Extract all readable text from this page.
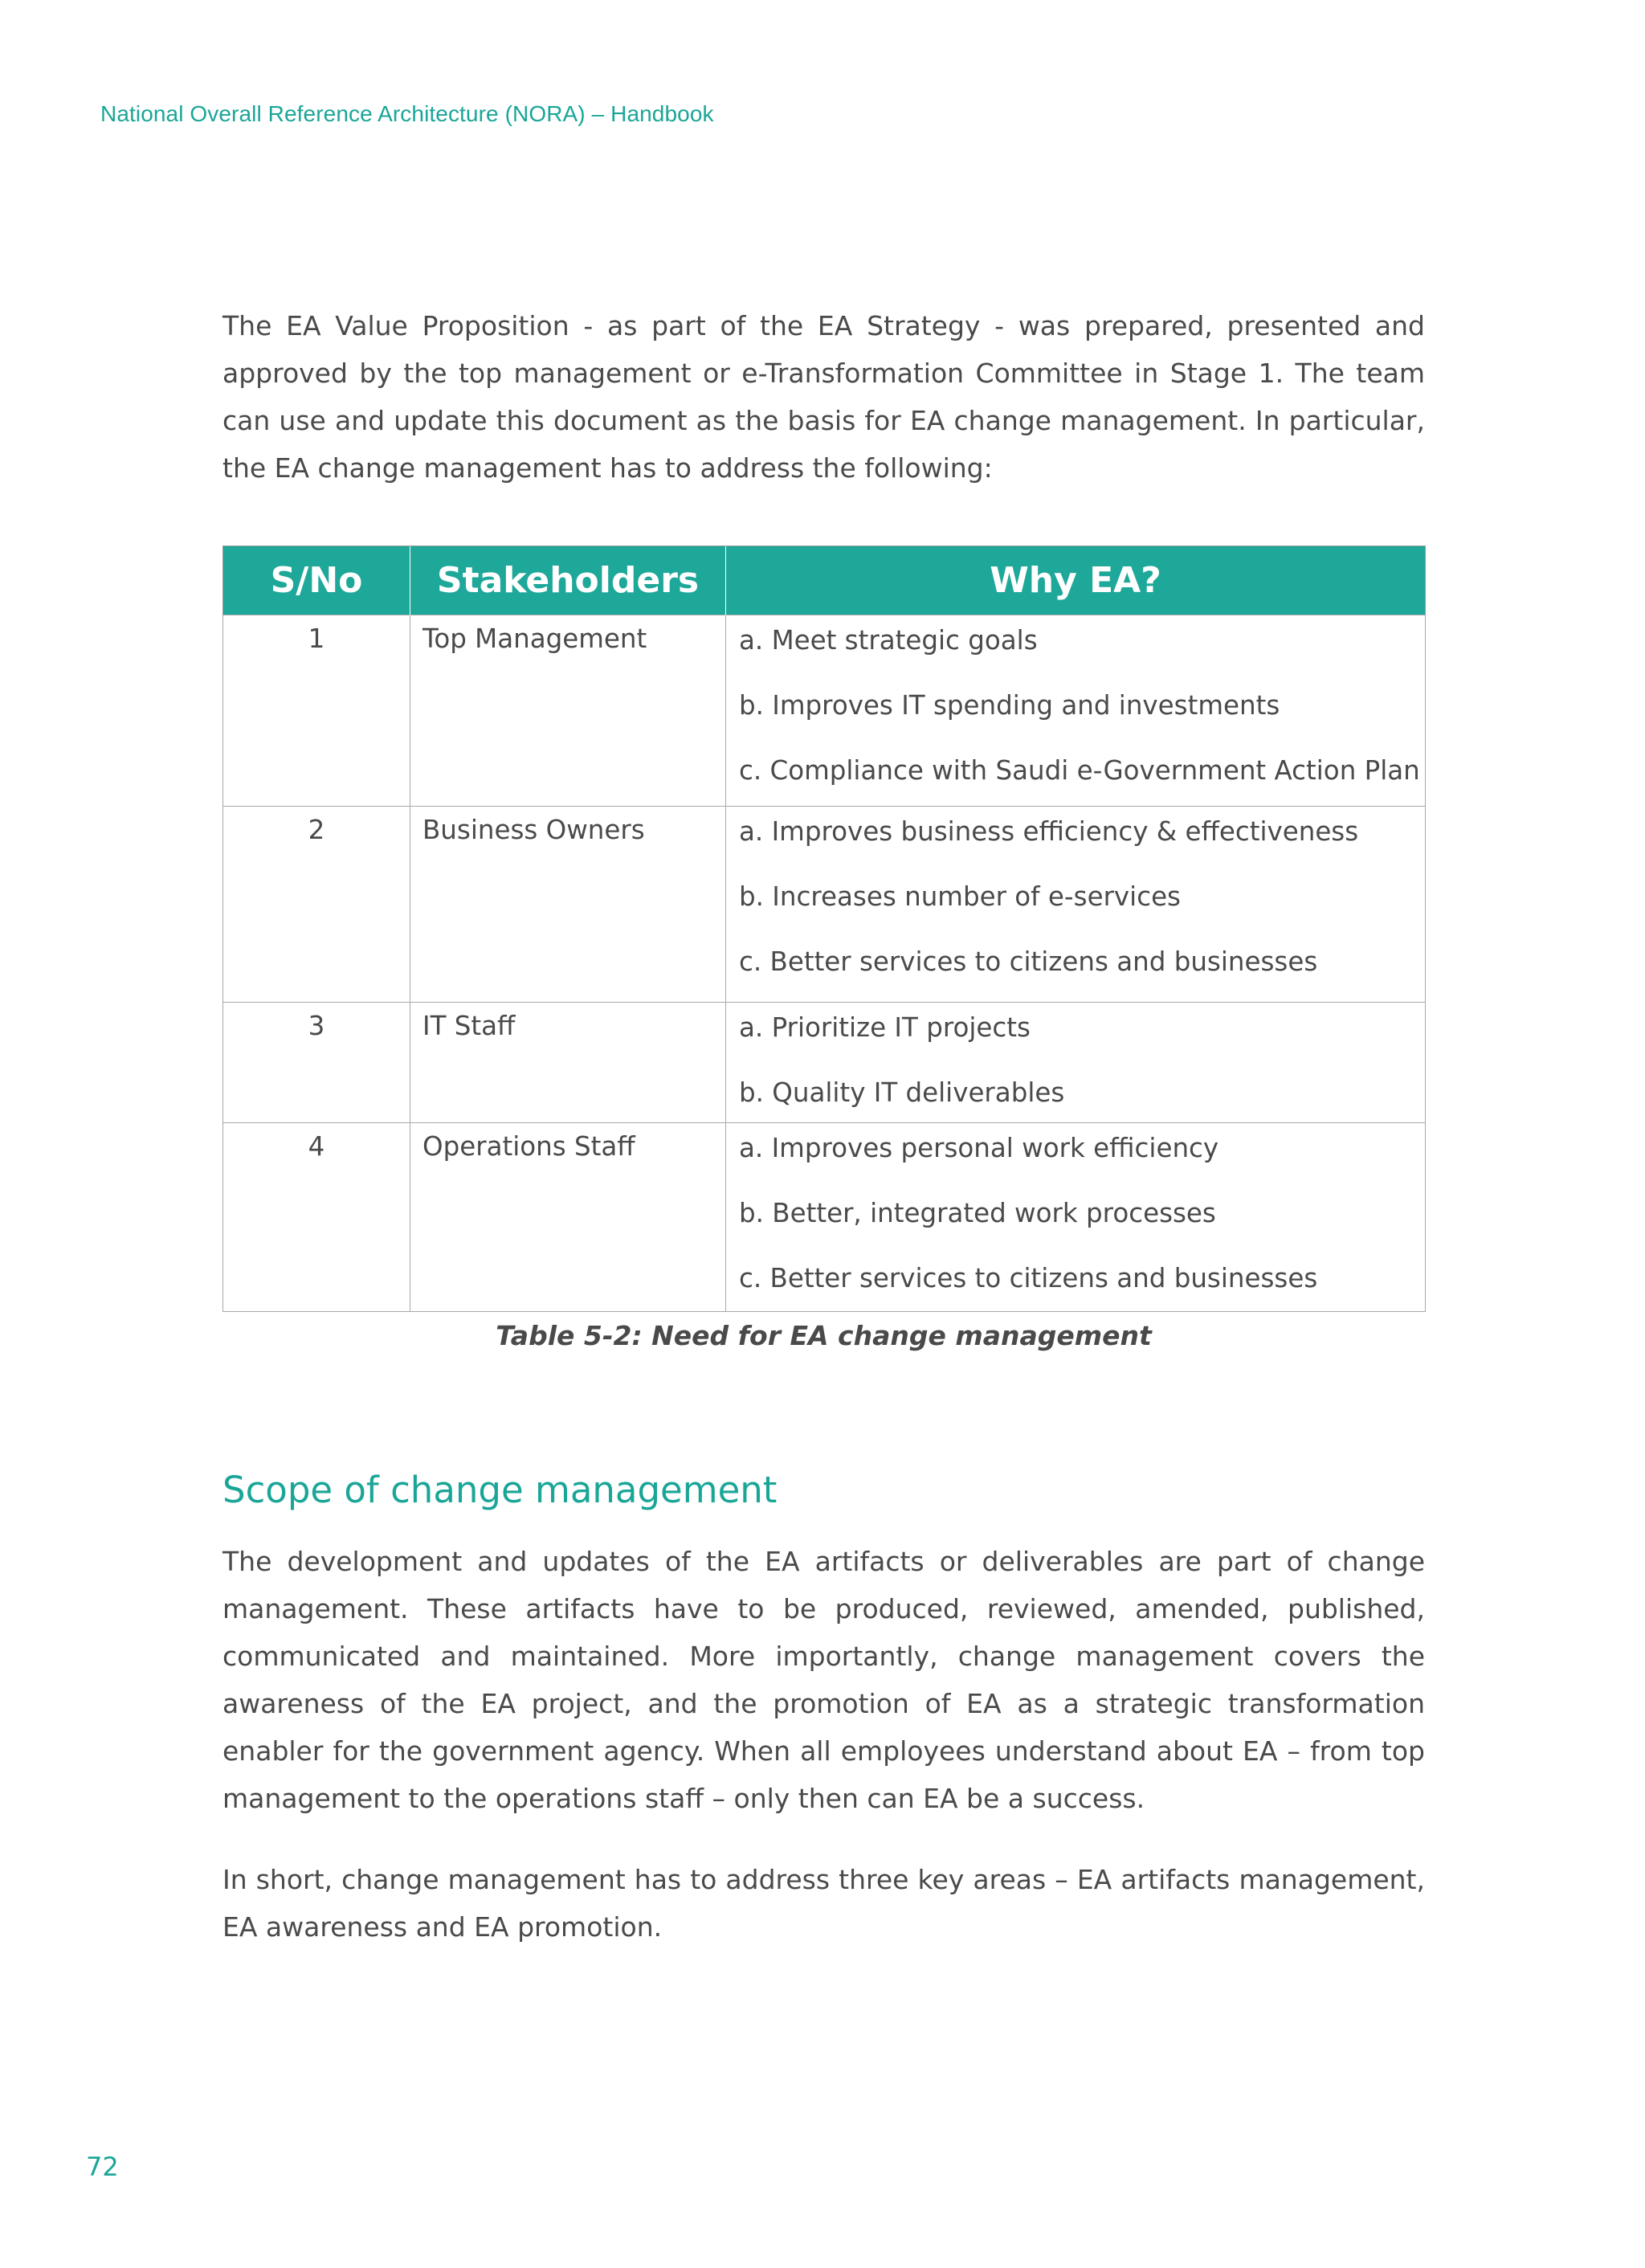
National Overall Reference Architecture (NORA) – Handbook

The EA Value Proposition - as part of the EA Strategy - was prepared, presented and approved by the top management or e-Transformation Committee in Stage 1. The team can use and update this document as the basis for EA change management. In particular, the EA change management has to address the following:

S/No	Stakeholders	Why EA?
1	Top Management	a. Meet strategic goals
b. Improves IT spending and investments
c. Compliance with Saudi e-Government Action Plan

2	Business Owners	a. Improves business efficiency & effectiveness
b. Increases number of e-services
c. Better services to citizens and businesses

3	IT Staff	a. Prioritize IT projects
b. Quality IT deliverables

4	Operations Staff	a. Improves personal work efficiency
b. Better, integrated work processes
c. Better services to citizens and businesses
Table 5-2: Need for EA change management
Scope of change management

The development and updates of the EA artifacts or deliverables are part of change management. These artifacts have to be produced, reviewed, amended, published, communicated and maintained. More importantly, change management covers the awareness of the EA project, and the promotion of EA as a strategic transformation enabler for the government agency. When all employees understand about EA – from top management to the operations staff – only then can EA be a success.

In short, change management has to address three key areas – EA artifacts management, EA awareness and EA promotion.

72
